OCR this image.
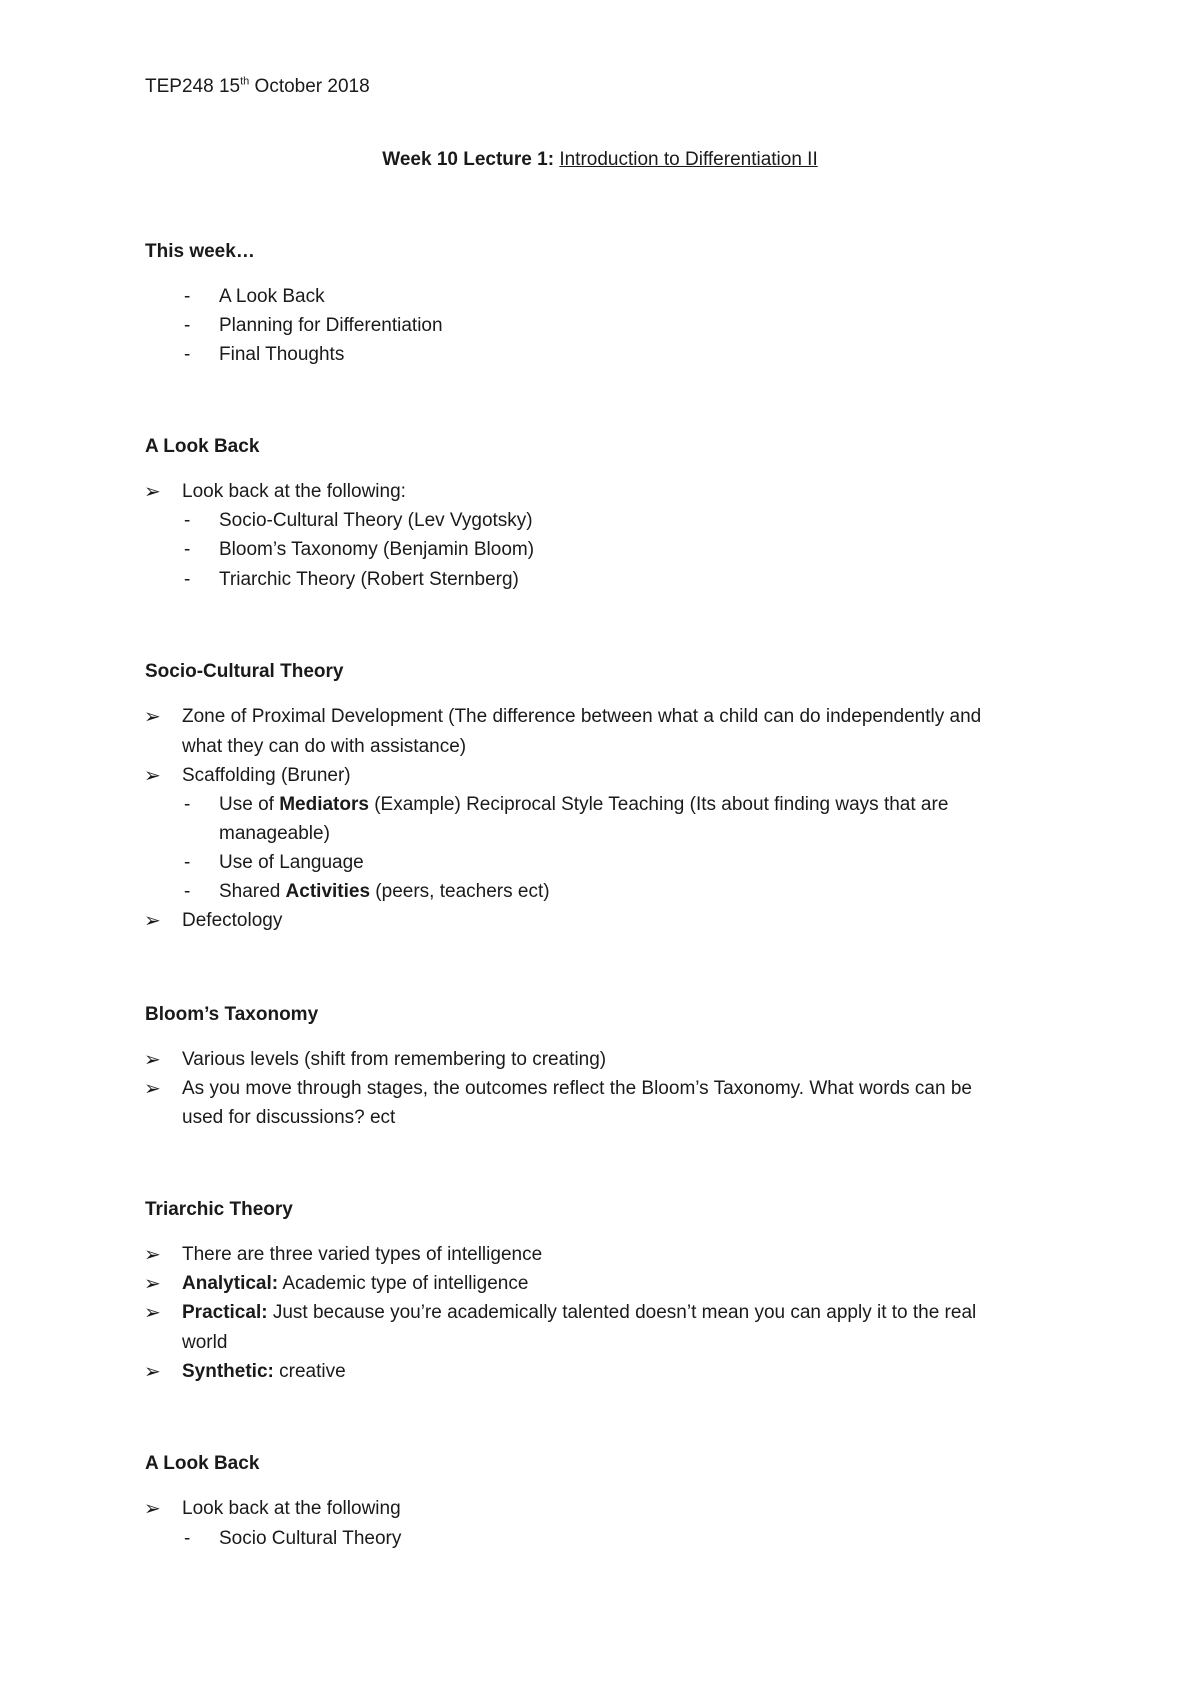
TEP248 15th October 2018
Week 10 Lecture 1: Introduction to Differentiation II
This week…
- A Look Back
- Planning for Differentiation
- Final Thoughts
A Look Back
➢ Look back at the following:
- Socio-Cultural Theory (Lev Vygotsky)
- Bloom’s Taxonomy (Benjamin Bloom)
- Triarchic Theory (Robert Sternberg)
Socio-Cultural Theory
➢ Zone of Proximal Development (The difference between what a child can do independently and
what they can do with assistance)
➢ Scaffolding (Bruner)
- Use of Mediators (Example) Reciprocal Style Teaching (Its about finding ways that are
manageable)
- Use of Language
- Shared Activities (peers, teachers ect)
➢ Defectology
Bloom’s Taxonomy
➢ Various levels (shift from remembering to creating)
➢ As you move through stages, the outcomes reflect the Bloom’s Taxonomy. What words can be
used for discussions? ect
Triarchic Theory
➢ There are three varied types of intelligence
➢ Analytical: Academic type of intelligence
➢ Practical: Just because you’re academically talented doesn’t mean you can apply it to the real
world
➢ Synthetic: creative
A Look Back
➢ Look back at the following
- Socio Cultural Theory
